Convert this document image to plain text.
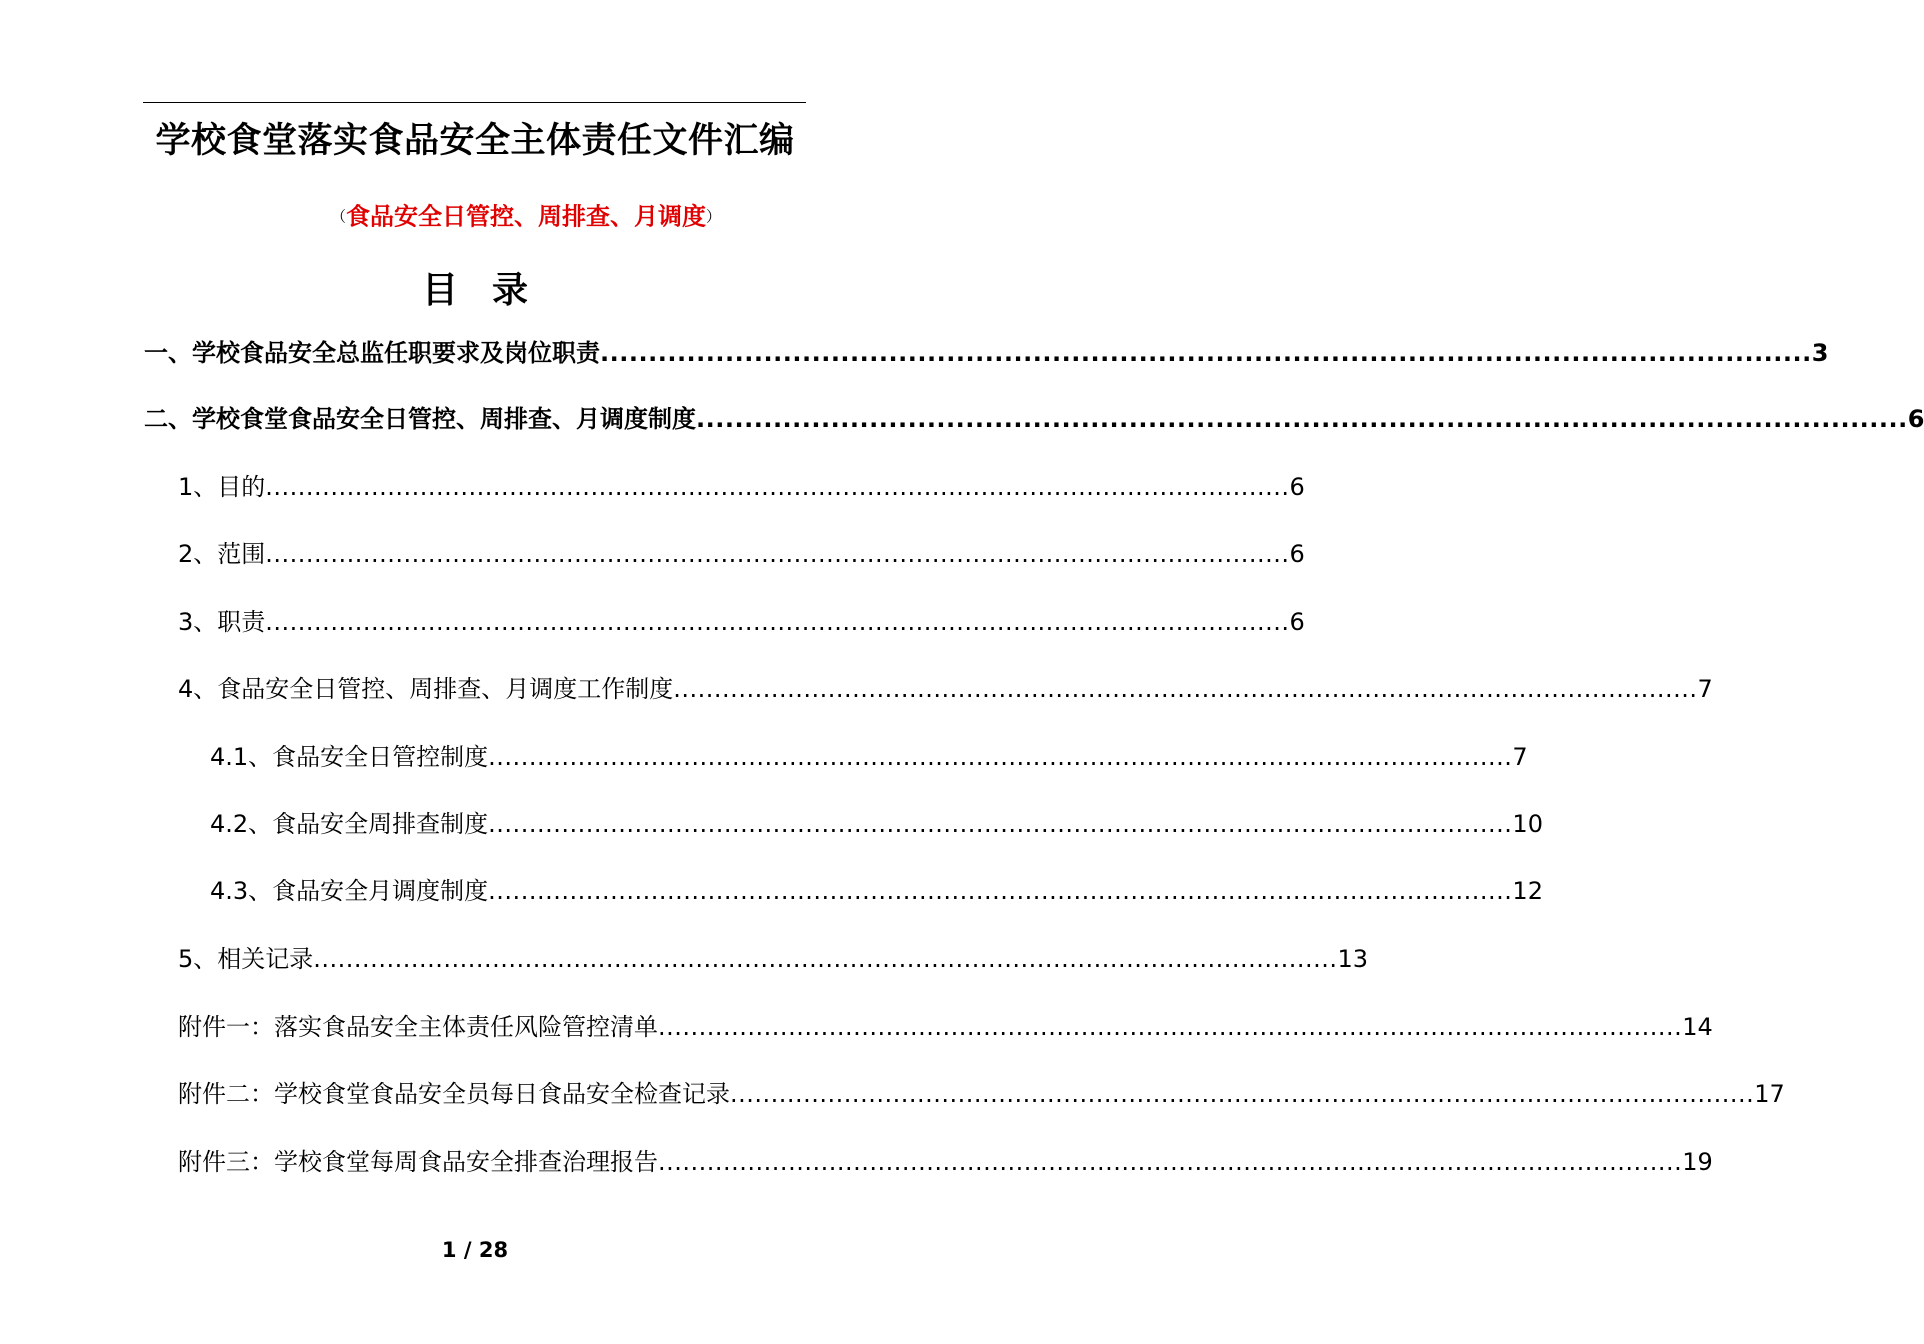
学校食堂落实食品安全主体责任文件汇编
（食品安全日管控、周排查、月调度）
目 录
一、学校食品安全总监任职要求及岗位职责 .............................................................................................................................. 3
二、学校食堂食品安全日管控、周排查、月调度制度 .............................................................................................................................. 6
1、目的 .............................................................................................................................. 6
2、范围 .............................................................................................................................. 6
3、职责 .............................................................................................................................. 6
4、食品安全日管控、周排查、月调度工作制度 .............................................................................................................................. 7
4.1、食品安全日管控制度 .............................................................................................................................. 7
4.2、食品安全周排查制度 .............................................................................................................................. 10
4.3、食品安全月调度制度 .............................................................................................................................. 12
5、相关记录 .............................................................................................................................. 13
附件一：落实食品安全主体责任风险管控清单 .............................................................................................................................. 14
附件二：学校食堂食品安全员每日食品安全检查记录 .............................................................................................................................. 17
附件三：学校食堂每周食品安全排查治理报告 .............................................................................................................................. 19
1 / 28
